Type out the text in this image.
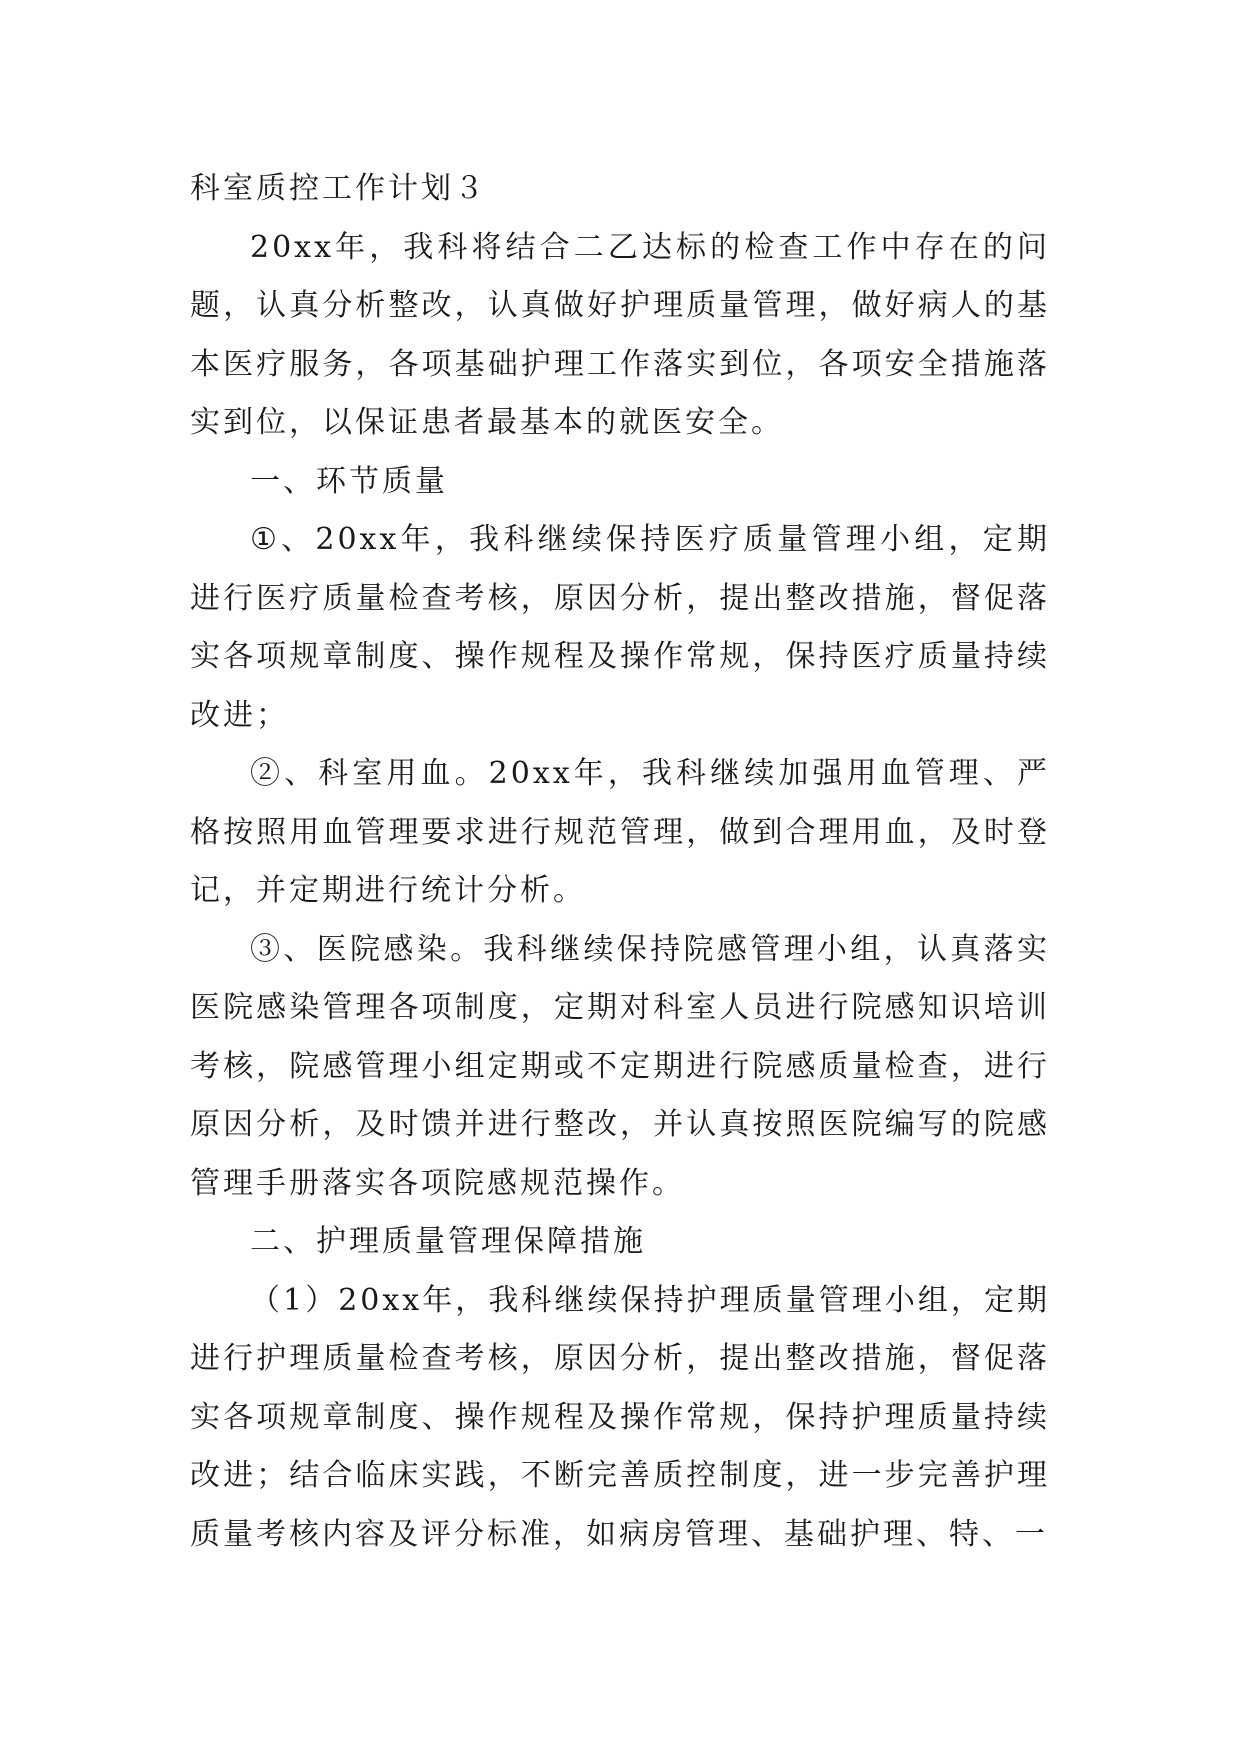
科室质控工作计划３

20xx年，我科将结合二乙达标的检查工作中存在的问题，认真分析整改，认真做好护理质量管理，做好病人的基本医疗服务，各项基础护理工作落实到位，各项安全措施落实到位，以保证患者最基本的就医安全。

一、环节质量

①、20xx年，我科继续保持医疗质量管理小组，定期进行医疗质量检查考核，原因分析，提出整改措施，督促落实各项规章制度、操作规程及操作常规，保持医疗质量持续改进；

②、科室用血。20xx年，我科继续加强用血管理、严格按照用血管理要求进行规范管理，做到合理用血，及时登记，并定期进行统计分析。

③、医院感染。我科继续保持院感管理小组，认真落实医院感染管理各项制度，定期对科室人员进行院感知识培训考核，院感管理小组定期或不定期进行院感质量检查，进行原因分析，及时馈并进行整改，并认真按照医院编写的院感管理手册落实各项院感规范操作。

二、护理质量管理保障措施

（1）20xx年，我科继续保持护理质量管理小组，定期进行护理质量检查考核，原因分析，提出整改措施，督促落实各项规章制度、操作规程及操作常规，保持护理质量持续改进；结合临床实践，不断完善质控制度，进一步完善护理质量考核内容及评分标准，如病房管理、基础护理、特、一
